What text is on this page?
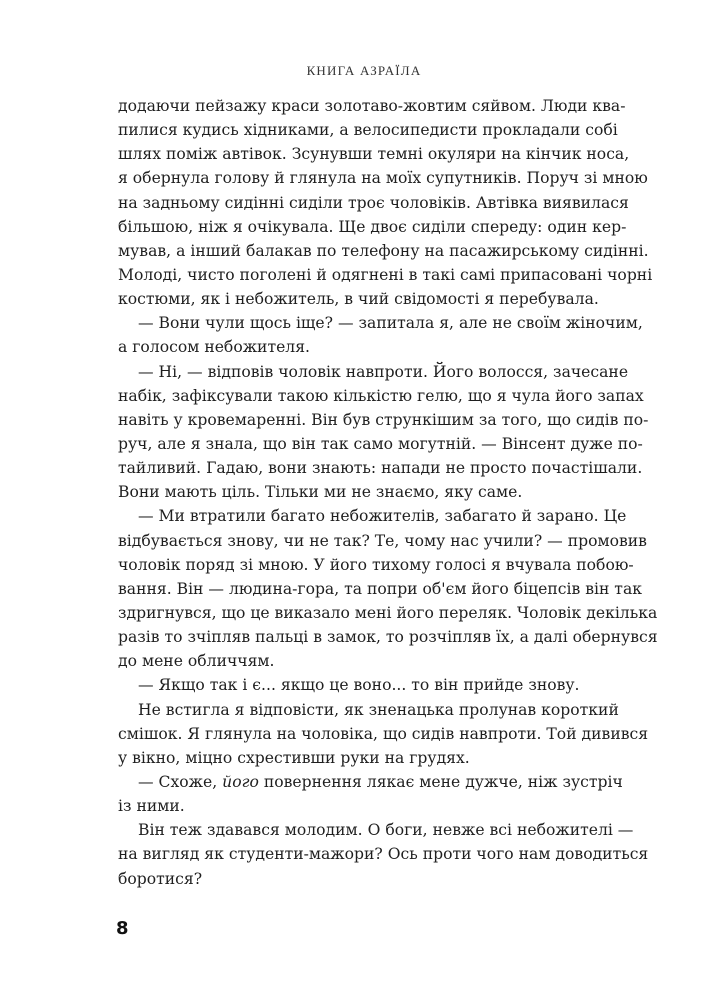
КНИГА АЗРАЇЛА
додаючи пейзажу краси золотаво-жовтим сяйвом. Люди ква-
пилися кудись хідниками, а велосипедисти прокладали собі
шлях поміж автівок. Зсунувши темні окуляри на кінчик носа,
я обернула голову й глянула на моїх супутників. Поруч зі мною
на задньому сидінні сиділи троє чоловіків. Автівка виявилася
більшою, ніж я очікувала. Ще двоє сиділи спереду: один кер-
мував, а інший балакав по телефону на пасажирському сидінні.
Молоді, чисто поголені й одягнені в такі самі припасовані чорні
костюми, як і небожитель, в чий свідомості я перебувала.
— Вони чули щось іще? — запитала я, але не своїм жіночим,
а голосом небожителя.
— Ні, — відповів чоловік навпроти. Його волосся, зачесане
набік, зафіксували такою кількістю гелю, що я чула його запах
навіть у кровемаренні. Він був стрункішим за того, що сидів по-
руч, але я знала, що він так само могутній. — Вінсент дуже по-
тайливий. Гадаю, вони знають: напади не просто почастішали.
Вони мають ціль. Тільки ми не знаємо, яку саме.
— Ми втратили багато небожителів, забагато й зарано. Це
відбувається знову, чи не так? Те, чому нас учили? — промовив
чоловік поряд зі мною. У його тихому голосі я вчувала побою-
вання. Він — людина-гора, та попри об'єм його біцепсів він так
здригнувся, що це виказало мені його переляк. Чоловік декілька
разів то зчіпляв пальці в замок, то розчіпляв їх, а далі обернувся
до мене обличчям.
— Якщо так і є... якщо це воно... то він прийде знову.
Не встигла я відповісти, як зненацька пролунав короткий
смішок. Я глянула на чоловіка, що сидів навпроти. Той дивився
у вікно, міцно схрестивши руки на грудях.
— Схоже, його повернення лякає мене дужче, ніж зустріч
із ними.
Він теж здавався молодим. О боги, невже всі небожителі —
на вигляд як студенти-мажори? Ось проти чого нам доводиться
боротися?
8
